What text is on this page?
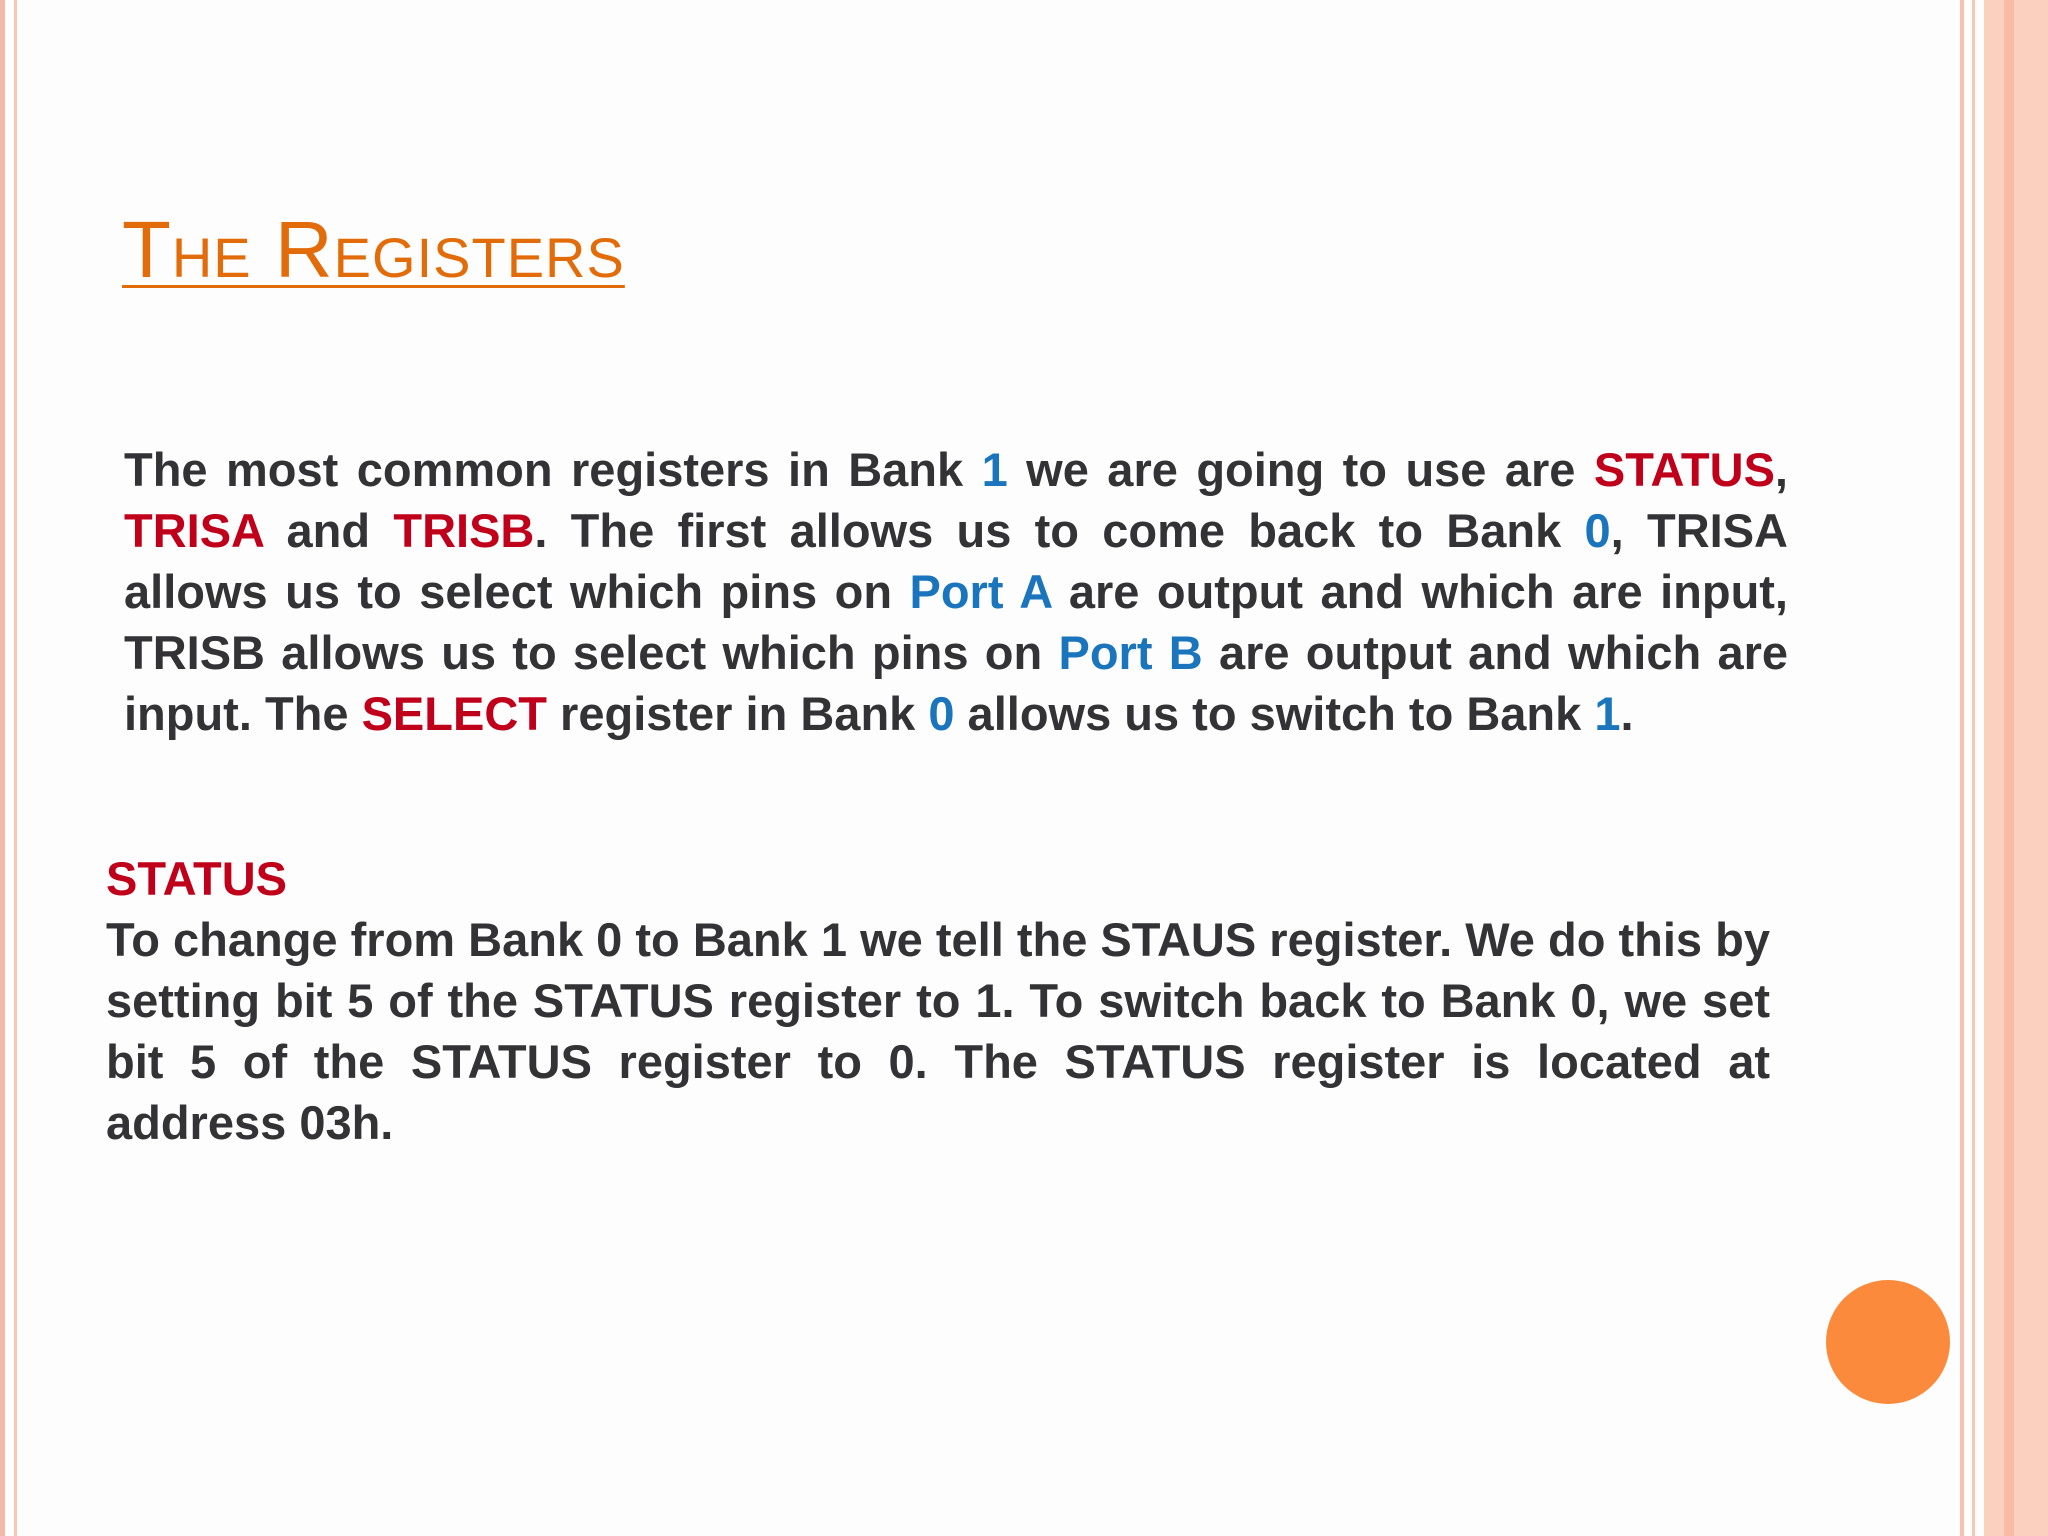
The Registers

The most common registers in Bank 1 we are going to use are STATUS, TRISA and TRISB. The first allows us to come back to Bank 0, TRISA allows us to select which pins on Port A are output and which are input, TRISB allows us to select which pins on Port B are output and which are input. The SELECT register in Bank 0 allows us to switch to Bank 1.

STATUS

To change from Bank 0 to Bank 1 we tell the STAUS register. We do this by setting bit 5 of the STATUS register to 1. To switch back to Bank 0, we set bit 5 of the STATUS register to 0. The STATUS register is located at address 03h.
